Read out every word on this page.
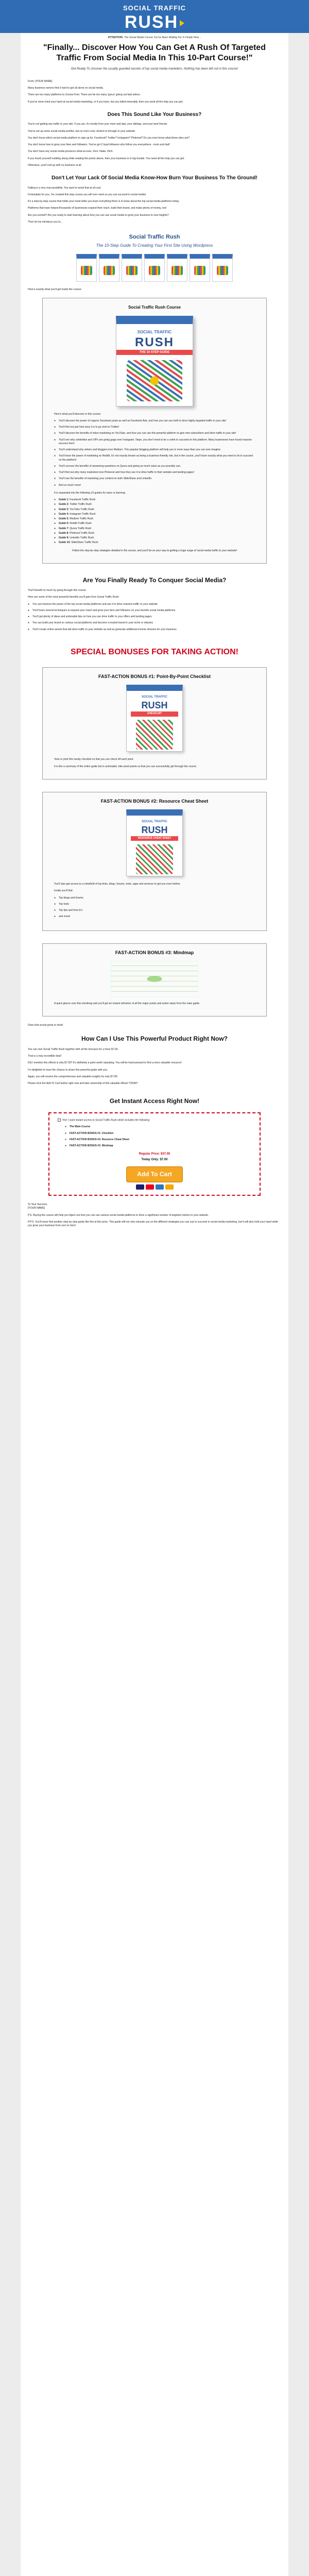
SOCIAL TRAFFIC
RUSH
ATTENTION: The Social Media Course You've Been Waiting For Is Finally Here...
"Finally... Discover How You Can Get A Rush Of Targeted Traffic From Social Media In This 10-Part Course!"
Get Ready To Uncover the usually guarded secrets of top social media marketers. Nothing has been left out in this course!

From: [YOUR NAME]

Many business owners find it hard to get all alone on social media.

There are too many platforms to choose from. There are far too many 'gurus' giving out bad advice.

If you've never tried your hand at social media marketing, or if you have, but you failed miserably, then you need all the help you can get.

Does This Sound Like Your Business?

You're not getting any traffic to your site. If you are, it's mostly from your mom and dad, your siblings, and your best friends.

You've set up some social media profiles, but no one's ever clicked on through to your website.

You don't know which social media platform to sign up for. Facebook? Twitter? Instagram? Pinterest? Do you even know what these sites are?

You don't know how to grow your likes and followers. You've got 2 loyal followers who follow you everywhere - mom and dad!

You don't have any social media presence what-so-ever. Zero. Nada. Zilch.

If you found yourself nodding along while reading the points above, then your business is in big trouble. You need all the help you can get.

Otherwise, you'll end up with no business at all.

Don't Let Your Lack Of Social Media Know-How Burn Your Business To The Ground!

Failing is a very real possibility. You want to avoid that at all cost.

Fortunately for you, I've created this step course you will ever need so you can succeed in social media!

It's a step-by-step course that holds your hand while you learn everything there is to know about the top social media platforms today.

Platforms that have helped thousands of businesses expand their reach, build their brand, and make plenty of money, too!

Are you excited? Are you ready to start learning about how you can use social media to grow your business to new heights?

Then let me introduce you to...

Social Traffic Rush
The 10-Step Guide To Creating Your First Site Using Wordpress

Here's exactly what you'll get inside the course:

Social Traffic Rush Course
SOCIAL TRAFFIC
RUSH
THE 10 STEP GUIDE

Here's what you'll discover in this course:

● You'll discover the power of organic Facebook posts as well as Facebook Ads, and how you can use both to drive highly targeted traffic to your site!
● You'll find out just how easy it is to go viral on Twitter!
● You'll discover the benefits of video marketing on YouTube, and how you can use this powerful platform to gain new subscribers and drive traffic to your site!
● You'll see why celebrities and VIPs are going gaga over Instagram. Nope, you don't need to be a celeb to succeed on this platform. Many businesses have found massive success here!
● You'll understand why writers and bloggers love Medium. This popular blogging platform will help you in more ways than you can ever imagine.
● You'll learn the power of marketing on Reddit. It's not exactly known as being a business-friendly site, but in the course, you'll learn exactly what you need to do to succeed on the platform!
● You'll uncover the benefits of answering questions on Quora and giving as much value as you possibly can.
● You'll find out why many marketers love Pinterest and how they use it to drive traffic to their website and landing pages!
● You'll see the benefits of marketing your content on both SlideShare and LinkedIn.
● And so much more!

It is separated into the following 10 guides for ease or learning:

● Guide 1: Facebook Traffic Rush
● Guide 2: Twitter Traffic Rush
● Guide 3: YouTube Traffic Rush
● Guide 4: Instagram Traffic Rush
● Guide 5: Medium Traffic Rush
● Guide 6: Reddit Traffic Rush
● Guide 7: Quora Traffic Rush
● Guide 8: Pinterest Traffic Rush
● Guide 9: LinkedIn Traffic Rush
● Guide 10: SlideShare Traffic Rush

Follow the step-by-step strategies detailed in the course, and you'll be on your way to getting a huge surge of social media traffic to your website!

Are You Finally Ready To Conquer Social Media?

You'll benefit so much by going through this course.

Here are some of the most powerful benefits you'll gain from Social Traffic Rush:

● You can harness the power of the top social media platforms and use it to drive massive traffic to your website
● You'll learn several techniques to expand your reach and grow your fans and followers on your favorite social media platforms
● You'll get plenty of ideas and actionable tips on how you can drive traffic to your offers and landing pages
● You can build your brand on various social platforms and become a trusted brand in your niche or industry
● You'll create online assets that will drive traffic to your website as well as generate additional income streams for your business
SPECIAL BONUSES FOR TAKING ACTION!
FAST-ACTION BONUS #1: Point-By-Point Checklist
SOCIAL TRAFFIC
RUSH
CHECKLIST

View or print this handy checklist so that you can check off each point.

It is like a summary of the entire guide but in actionable, bite-sized points so that you can successfully get through the course.

FAST-ACTION BONUS #2: Resource Cheat Sheet
SOCIAL TRAFFIC
RUSH
RESOURCE CHEAT SHEET

You'll also get access to a minefield of top links, blogs, forums, tools, apps and services to get you even further.

Inside you'll find:

● Top blogs and forums
● Top tools
● Top tips and how to's
● and more!
FAST-ACTION BONUS #3: Mindmap

A quick glance over this mindmap and you'll get an instant refresher of all the major points and action steps from the main guide.

Does that sound great or what!

How Can I Use This Powerful Product Right Now?

You can own Social Traffic Rush together with all the bonuses for a mere $7.00.

That is a truly incredible deal!

Did I mention this eBook is only $7.00? It's definitely a point worth repeating. You will be hard-pressed to find a more valuable resource!

I'm delighted to have the chance to share this powerful guide with you.

Again, you will receive the comprehensive and valuable insights for only $7.00!

Please click the Add To Cart button right now and take ownership of this valuable eBook TODAY!

Get Instant Access Right Now!

Yes! I want instant access to Social Traffic Rush which includes the following:

● The Main Course
● FAST-ACTION BONUS #1: Checklist
● FAST-ACTION BONUS #2: Resource Cheat Sheet
● FAST-ACTION BONUS #3: Mindmap
Regular Price: $37.00
Today Only: $7.00
Add To Cart

To Your Success,

[YOUR NAME]

P.S. Buying the course will help you figure out how you can use various social media platforms to drive a significant number of targeted visitors to your website.

P.P.S. You'll never find another step-by-step guide like this at this price. This guide will not only educate you on the different strategies you can use to succeed in social media marketing, but it will also hold your hand while you grow your business from zero to hero!
